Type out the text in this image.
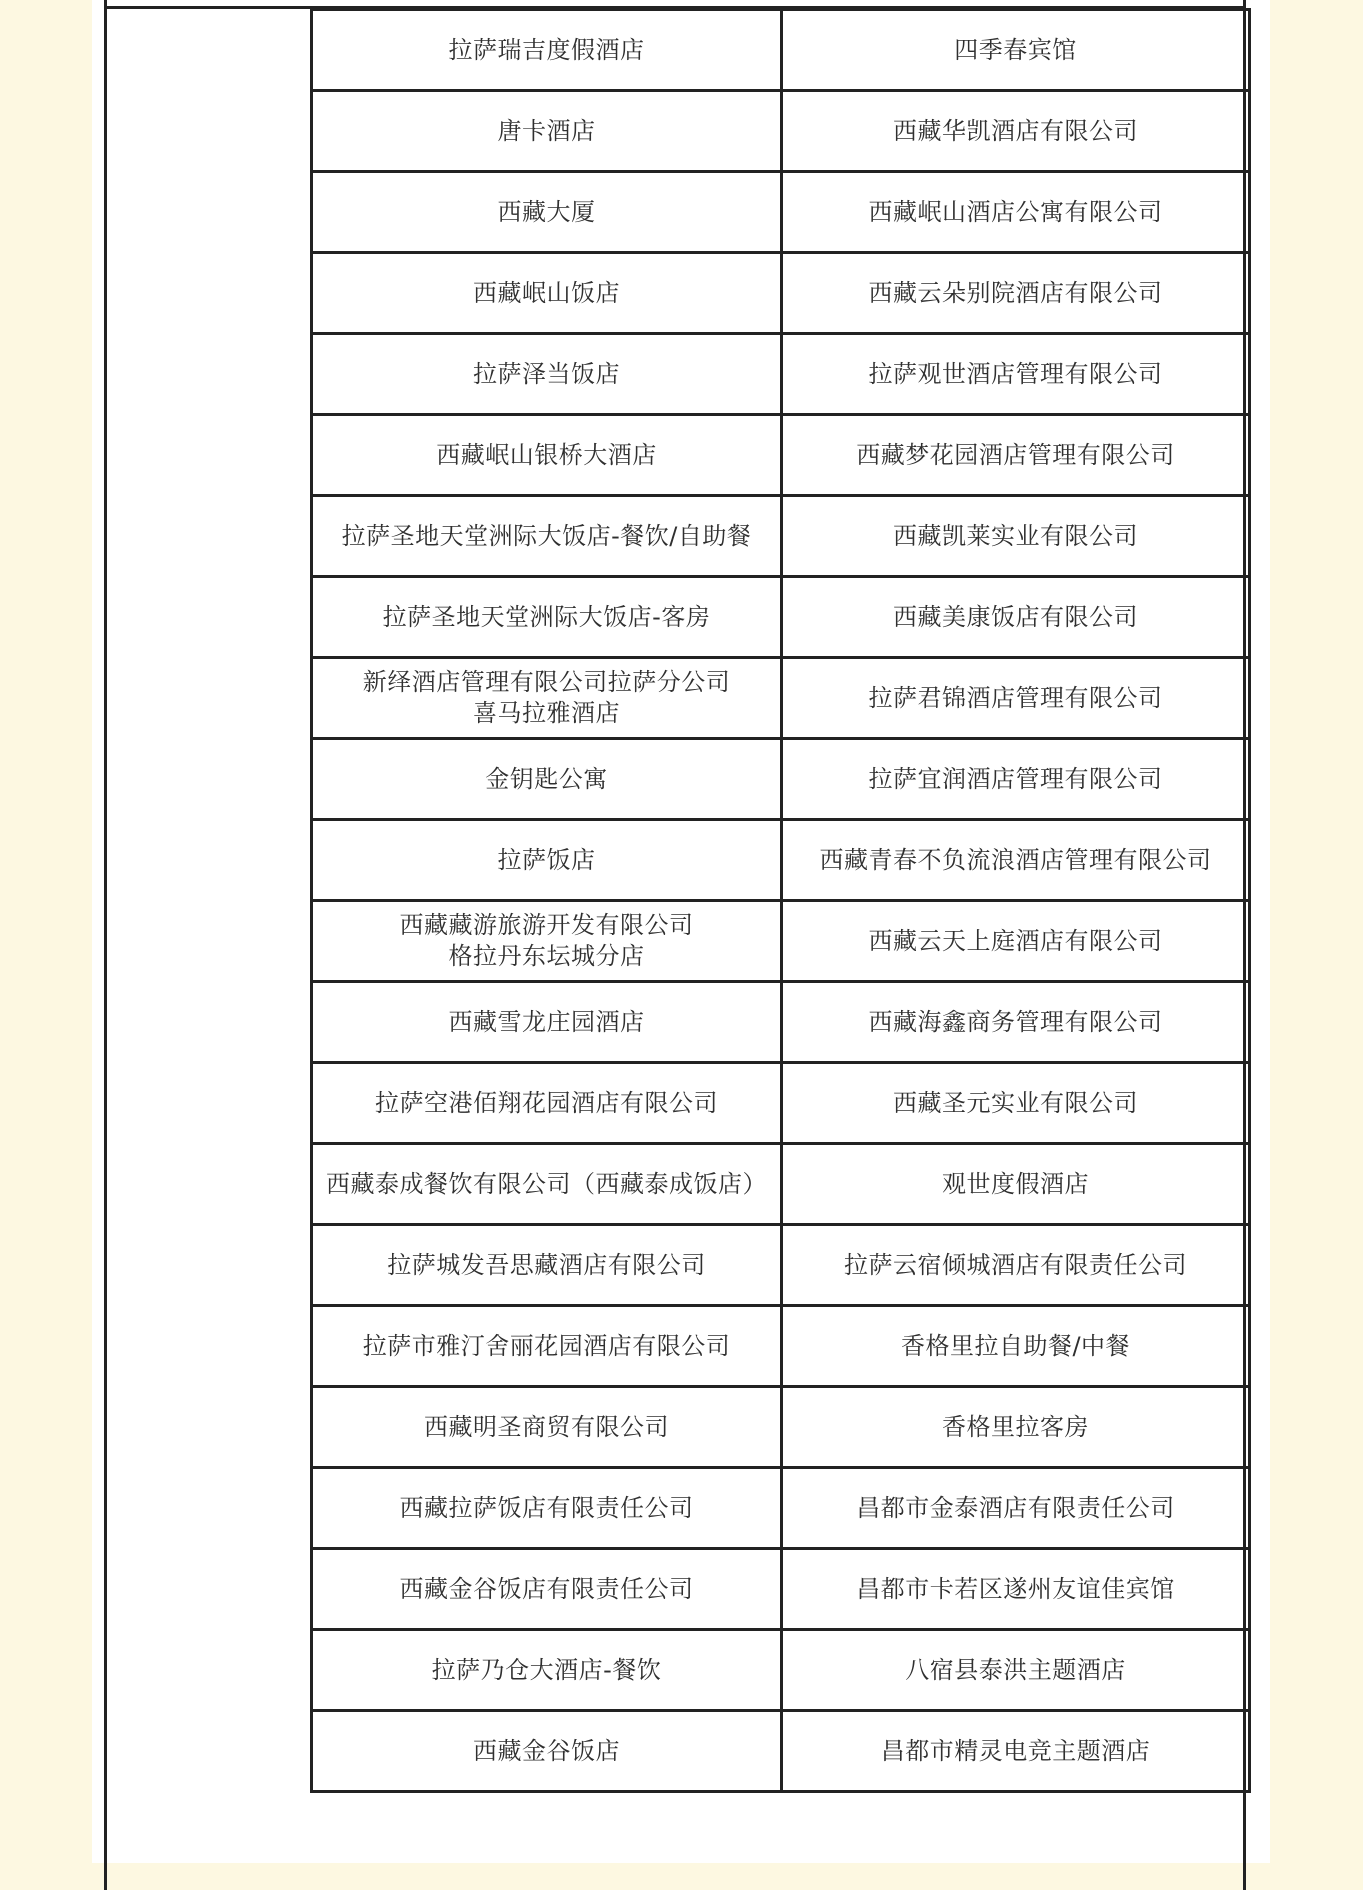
拉萨瑞吉度假酒店	四季春宾馆

唐卡酒店	西藏华凯酒店有限公司

西藏大厦	西藏岷山酒店公寓有限公司

西藏岷山饭店	西藏云朵别院酒店有限公司

拉萨泽当饭店	拉萨观世酒店管理有限公司

西藏岷山银桥大酒店	西藏梦花园酒店管理有限公司

拉萨圣地天堂洲际大饭店-餐饮/自助餐	西藏凯莱实业有限公司

拉萨圣地天堂洲际大饭店-客房	西藏美康饭店有限公司

新绎酒店管理有限公司拉萨分公司
喜马拉雅酒店	拉萨君锦酒店管理有限公司

金钥匙公寓	拉萨宜润酒店管理有限公司

拉萨饭店	西藏青春不负流浪酒店管理有限公司

西藏藏游旅游开发有限公司
格拉丹东坛城分店	西藏云天上庭酒店有限公司

西藏雪龙庄园酒店	西藏海鑫商务管理有限公司

拉萨空港佰翔花园酒店有限公司	西藏圣元实业有限公司

西藏泰成餐饮有限公司（西藏泰成饭店）	观世度假酒店

拉萨城发吾思藏酒店有限公司	拉萨云宿倾城酒店有限责任公司

拉萨市雅汀舍丽花园酒店有限公司	香格里拉自助餐/中餐

西藏明圣商贸有限公司	香格里拉客房

西藏拉萨饭店有限责任公司	昌都市金泰酒店有限责任公司

西藏金谷饭店有限责任公司	昌都市卡若区遂州友谊佳宾馆

拉萨乃仓大酒店-餐饮	八宿县泰洪主题酒店

西藏金谷饭店	昌都市精灵电竞主题酒店
